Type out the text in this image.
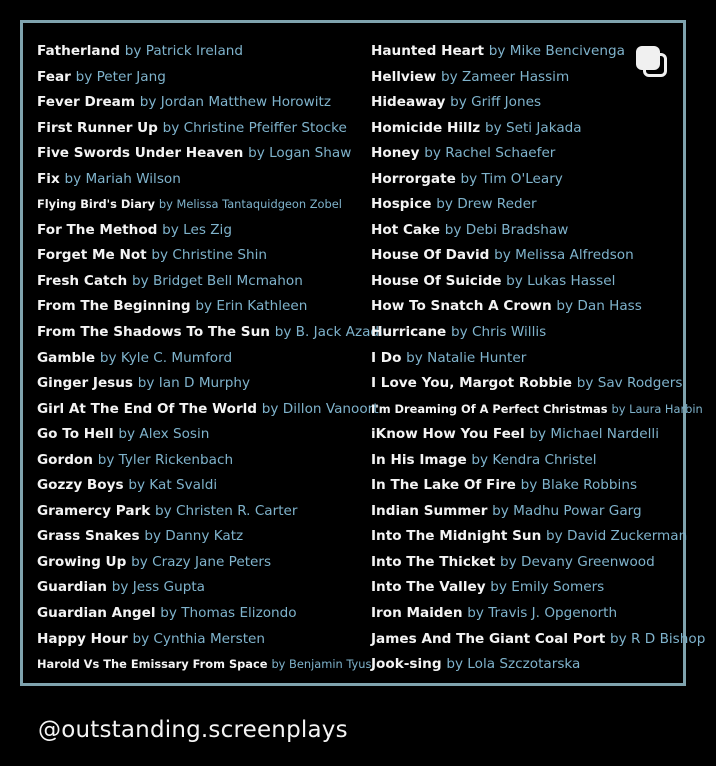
Fatherland by Patrick Ireland
Fear by Peter Jang
Fever Dream by Jordan Matthew Horowitz
First Runner Up by Christine Pfeiffer Stocke
Five Swords Under Heaven by Logan Shaw
Fix by Mariah Wilson
Flying Bird's Diary by Melissa Tantaquidgeon Zobel
For The Method by Les Zig
Forget Me Not by Christine Shin
Fresh Catch by Bridget Bell Mcmahon
From The Beginning by Erin Kathleen
From The Shadows To The Sun by B. Jack Azadi
Gamble by Kyle C. Mumford
Ginger Jesus by Ian D Murphy
Girl At The End Of The World by Dillon Vanoort
Go To Hell by Alex Sosin
Gordon by Tyler Rickenbach
Gozzy Boys by Kat Svaldi
Gramercy Park by Christen R. Carter
Grass Snakes by Danny Katz
Growing Up by Crazy Jane Peters
Guardian by Jess Gupta
Guardian Angel by Thomas Elizondo
Happy Hour by Cynthia Mersten
Harold Vs The Emissary From Space by Benjamin Tyus
Haunted Heart by Mike Bencivenga
Hellview by Zameer Hassim
Hideaway by Griff Jones
Homicide Hillz by Seti Jakada
Honey by Rachel Schaefer
Horrorgate by Tim O'Leary
Hospice by Drew Reder
Hot Cake by Debi Bradshaw
House Of David by Melissa Alfredson
House Of Suicide by Lukas Hassel
How To Snatch A Crown by Dan Hass
Hurricane by Chris Willis
I Do by Natalie Hunter
I Love You, Margot Robbie by Sav Rodgers
I'm Dreaming Of A Perfect Christmas by Laura Harbin
iKnow How You Feel by Michael Nardelli
In His Image by Kendra Christel
In The Lake Of Fire by Blake Robbins
Indian Summer by Madhu Powar Garg
Into The Midnight Sun by David Zuckerman
Into The Thicket by Devany Greenwood
Into The Valley by Emily Somers
Iron Maiden by Travis J. Opgenorth
James And The Giant Coal Port by R D Bishop
Jook-sing by Lola Szczotarska
@outstanding.screenplays
